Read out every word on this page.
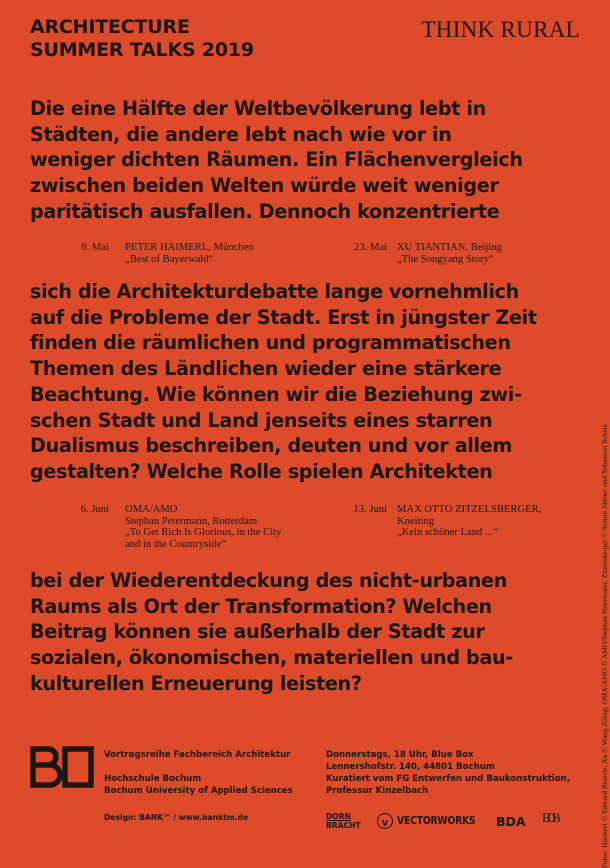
ARCHITECTURE
SUMMER TALKS 2019
THINK RURAL
Die eine Hälfte der Weltbevölkerung lebt in
Städten, die andere lebt nach wie vor in
weniger dichten Räumen. Ein Flächenvergleich
zwischen beiden Welten würde weit weniger
paritätisch ausfallen. Dennoch konzentrierte
9. Mai PETER HAIMERL, München
„Best of Bayerwald“
23. Mai XU TIANTIAN, Beijing
„The Songyang Story“
sich die Architekturdebatte lange vornehmlich
auf die Probleme der Stadt. Erst in jüngster Zeit
finden die räumlichen und programmatischen
Themen des Ländlichen wieder eine stärkere
Beachtung. Wie können wir die Beziehung zwi-
schen Stadt und Land jenseits eines starren
Dualismus beschreiben, deuten und vor allem
gestalten? Welche Rolle spielen Architekten
6. Juni OMA/AMO
Stephan Petermann, Rotterdam
„To Get Rich Is Glorious, in the City
and in the Countryside“
13. Juni MAX OTTO ZITZELSBERGER,
Kneiting
„Kein schöner Land ...“
bei der Wiederentdeckung des nicht-urbanen
Raums als Ort der Transformation? Welchen
Beitrag können sie außerhalb der Stadt zur
sozialen, ökonomischen, materiellen und bau-
kulturellen Erneuerung leisten?	Fotos: Haimerl © Edward Beierle; Xu © Wang Ziling; OMA/AMO © AMO/Stephan Petermann; Zitzelsberger © Simon Jüttner und Sebastian Schels
Vortragsreihe Fachbereich Architektur
Hochschule Bochum
Bochum University of Applied Sciences
Donnerstags, 18 Uhr, Blue Box
Lennershofstr. 140, 44801 Bochum
Kuratiert vom FG Entwerfen und Baukonstruktion,
Professur Kinzelbach
Design: BANK™ / www.banktm.de	DORN
BRACHT	V VECTORWORKS BDA BDB
